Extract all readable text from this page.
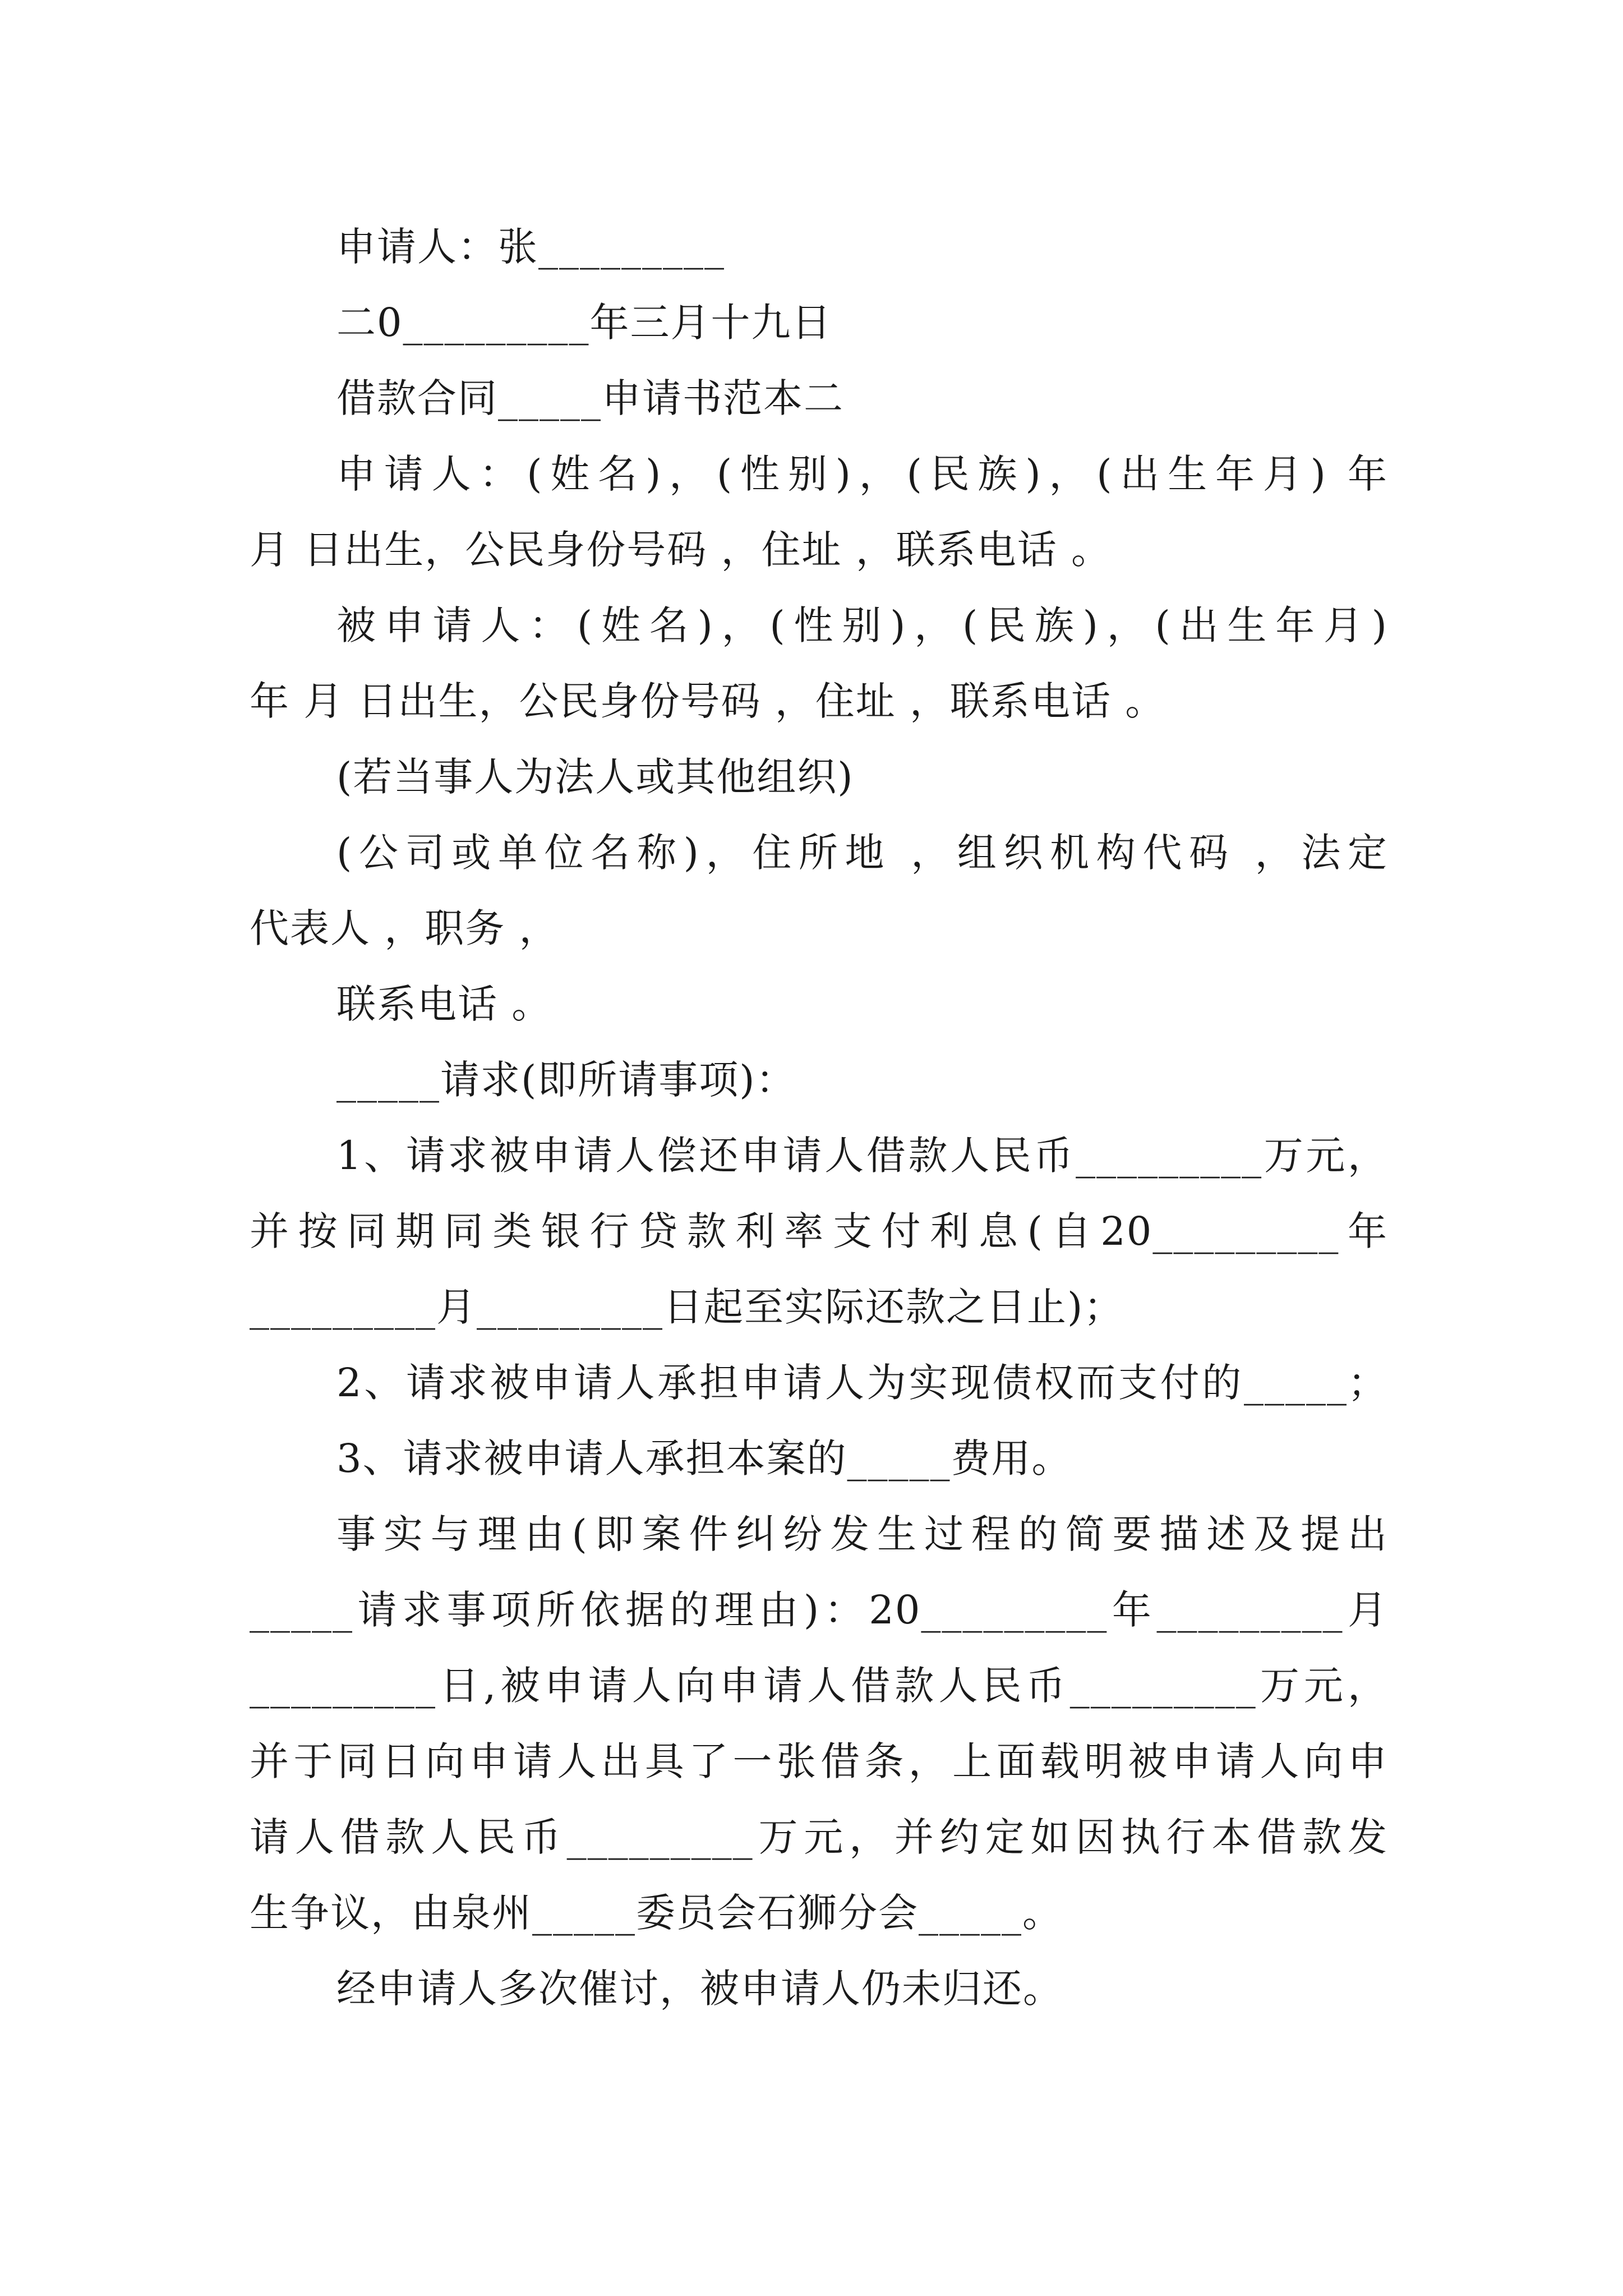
申请人：张_________

二0_________年三月十九日

借款合同_____申请书范本二

申请人：(姓名)，(性别)，(民族)，(出生年月) 年

月 日出生，公民身份号码 ，住址 ，联系电话 。

被申请人：(姓名)，(性别)，(民族)，(出生年月)

年 月 日出生，公民身份号码 ，住址 ，联系电话 。

(若当事人为法人或其他组织)

(公司或单位名称)，住所地 ，组织机构代码 ，法定

代表人 ，职务 ，

联系电话 。

_____请求(即所请事项)：

1、请求被申请人偿还申请人借款人民币_________万元，

并按同期同类银行贷款利率支付利息(自20_________年

_________月_________日起至实际还款之日止)；

2、请求被申请人承担申请人为实现债权而支付的_____；

3、请求被申请人承担本案的_____费用。

事实与理由(即案件纠纷发生过程的简要描述及提出

_____请求事项所依据的理由)：20_________年_________月

_________日,被申请人向申请人借款人民币_________万元，

并于同日向申请人出具了一张借条，上面载明被申请人向申

请人借款人民币_________万元，并约定如因执行本借款发

生争议，由泉州_____委员会石狮分会_____。

经申请人多次催讨，被申请人仍未归还。
